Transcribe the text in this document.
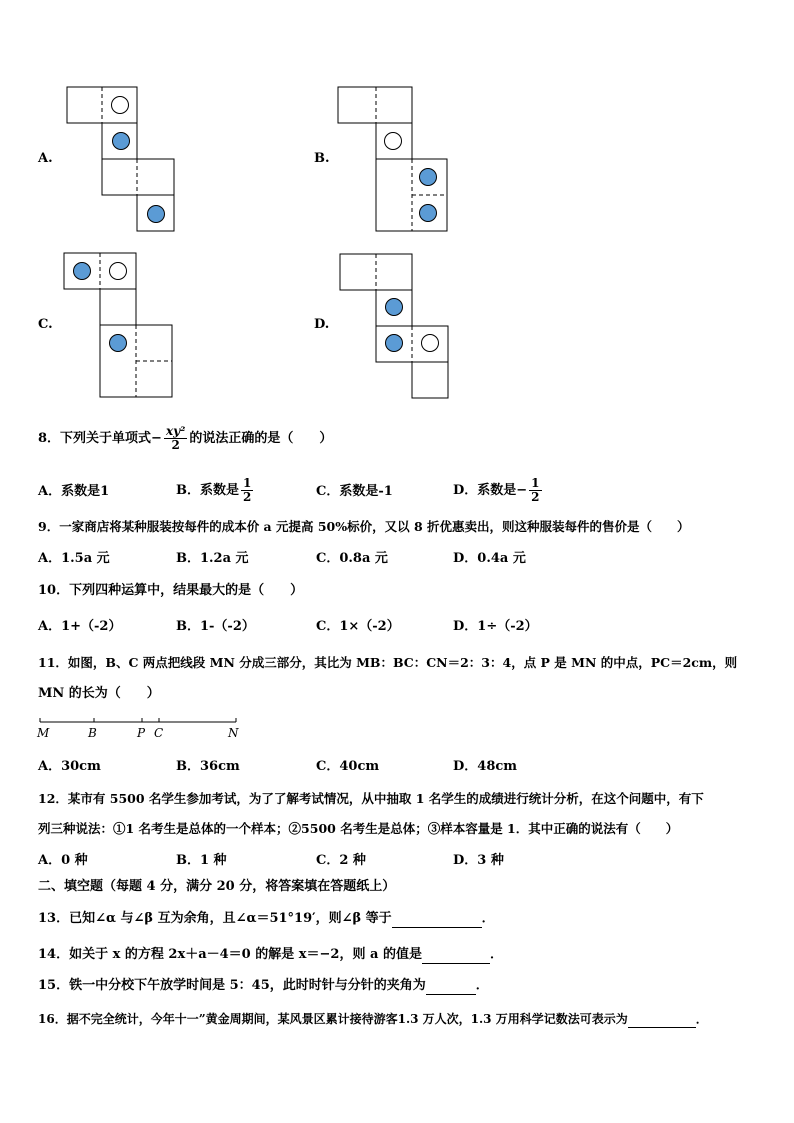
A.	B.
C.	D.
8．下列关于单项式− $\frac{\text{xy²}}{2}$ 的说法正确的是（　　）
A．系数是1	B．系数是 $\frac{1}{2}$	C．系数是-1	D．系数是− $\frac{1}{2}$
9．一家商店将某种服装按每件的成本价 a 元提高 50%标价，又以 8 折优惠卖出，则这种服装每件的售价是（　　）
A．1.5a 元	B．1.2a 元	C．0.8a 元	D．0.4a 元
10．下列四种运算中，结果最大的是（　　）
A．1+（-2）	B．1-（-2）	C．1×（-2）	D．1÷（-2）
11．如图，B、C 两点把线段 MN 分成三部分，其比为 MB：BC：CN＝2：3：4，点 P 是 MN 的中点，PC＝2cm，则
MN 的长为（　　）
M	B	P C	N
A．30cm	B．36cm	C．40cm	D．48cm
12．某市有 5500 名学生参加考试，为了了解考试情况，从中抽取 1 名学生的成绩进行统计分析，在这个问题中，有下
列三种说法：①1 名考生是总体的一个样本；②5500 名考生是总体；③样本容量是 1．其中正确的说法有（　　）
A．0 种	B．1 种	C．2 种	D．3 种
二、填空题（每题 4 分，满分 20 分，将答案填在答题纸上）
13．已知∠α 与∠β 互为余角，且∠α＝51°19′，则∠β 等于	．
14．如关于 x 的方程 2x＋a－4＝0 的解是 x＝−2，则 a 的值是	．
15．铁一中分校下午放学时间是 5：45，此时时针与分针的夹角为	．
16．据不完全统计，今年十一”黄金周期间，某风景区累计接待游客1.3 万人次，1.3 万用科学记数法可表示为	．
